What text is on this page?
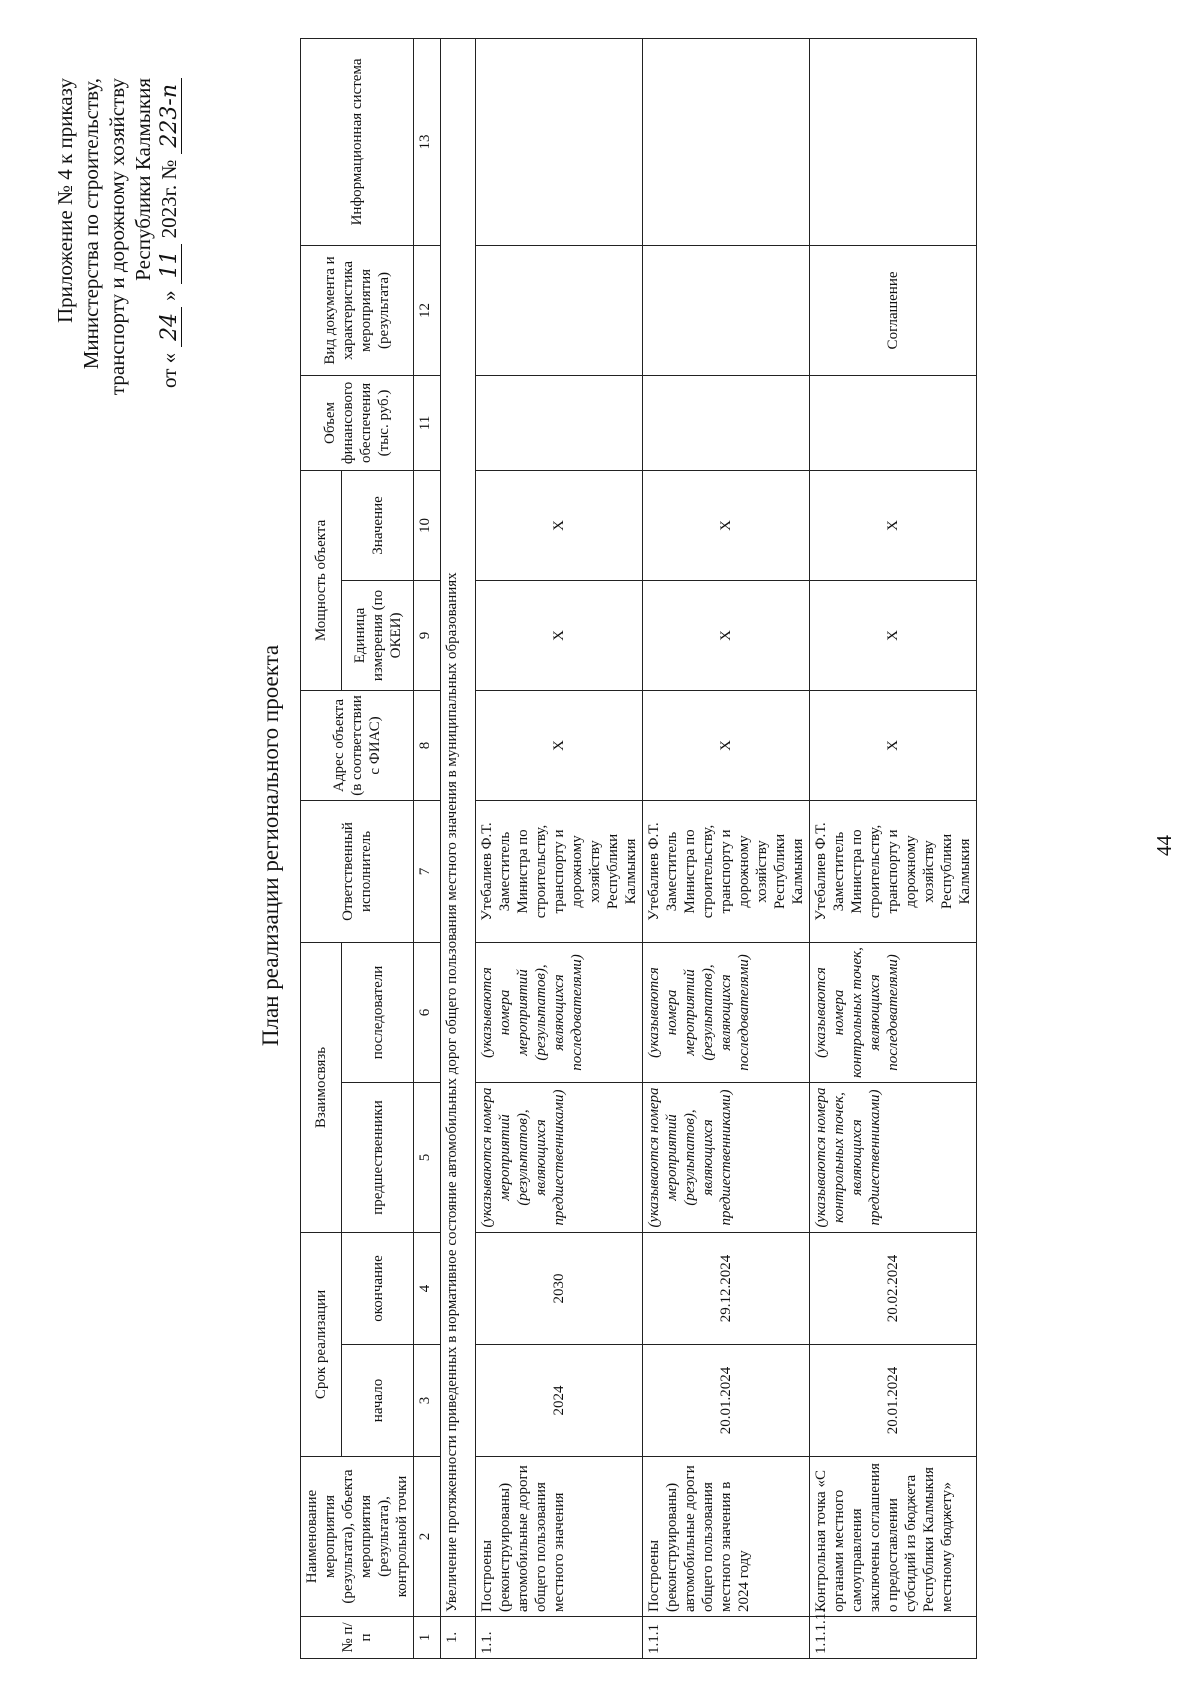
Приложение № 4 к приказу Министерства по строительству, транспорту и дорожному хозяйству Республики Калмыкия
от «
24
»
11
2023г. №
223-п
План реализации регионального проекта
№ п/п	Наименование мероприятия (результата), объекта мероприятия (результата), контрольной точки	Срок реализации		Взаимосвязь		Ответственный исполнитель	Адрес объекта (в соответствии с ФИАС)	Мощность объекта		Объем финансового обеспечения (тыс. руб.)	Вид документа и характеристика мероприятия (результата)	Информационная система
		начало	окончание	предшественники	последователи			Единица измерения (по ОКЕИ)	Значение			
1	2	3	4	5	6	7	8	9	10	11	12	13
1.	Увеличение протяженности приведенных в нормативное состояние автомобильных дорог общего пользования местного значения в муниципальных образованиях											
1.1.	Построены (реконструированы) автомобильные дороги общего пользования местного значения	2024	2030	(указываются номера мероприятий (результатов), являющихся предшественниками)	(указываются номера мероприятий (результатов), являющихся последователями)	Утебалиев Ф.Т. Заместитель Министра по строительству, транспорту и дорожному хозяйству Республики Калмыкия	X	X	X			
1.1.1	Построены (реконструированы) автомобильные дороги общего пользования местного значения в 2024 году	20.01.2024	29.12.2024	(указываются номера мероприятий (результатов), являющихся предшественниками)	(указываются номера мероприятий (результатов), являющихся последователями)	Утебалиев Ф.Т. Заместитель Министра по строительству, транспорту и дорожному хозяйству Республики Калмыкия	X	X	X			
1.1.1.1.	Контрольная точка «С органами местного самоуправления заключены соглашения о предоставлении субсидий из бюджета Республики Калмыкия местному бюджету»	20.01.2024	20.02.2024	(указываются номера контрольных точек, являющихся предшественниками)	(указываются номера контрольных точек, являющихся последователями)	Утебалиев Ф.Т. Заместитель Министра по строительству, транспорту и дорожному хозяйству Республики Калмыкия	X	X	X		Соглашение	
44
